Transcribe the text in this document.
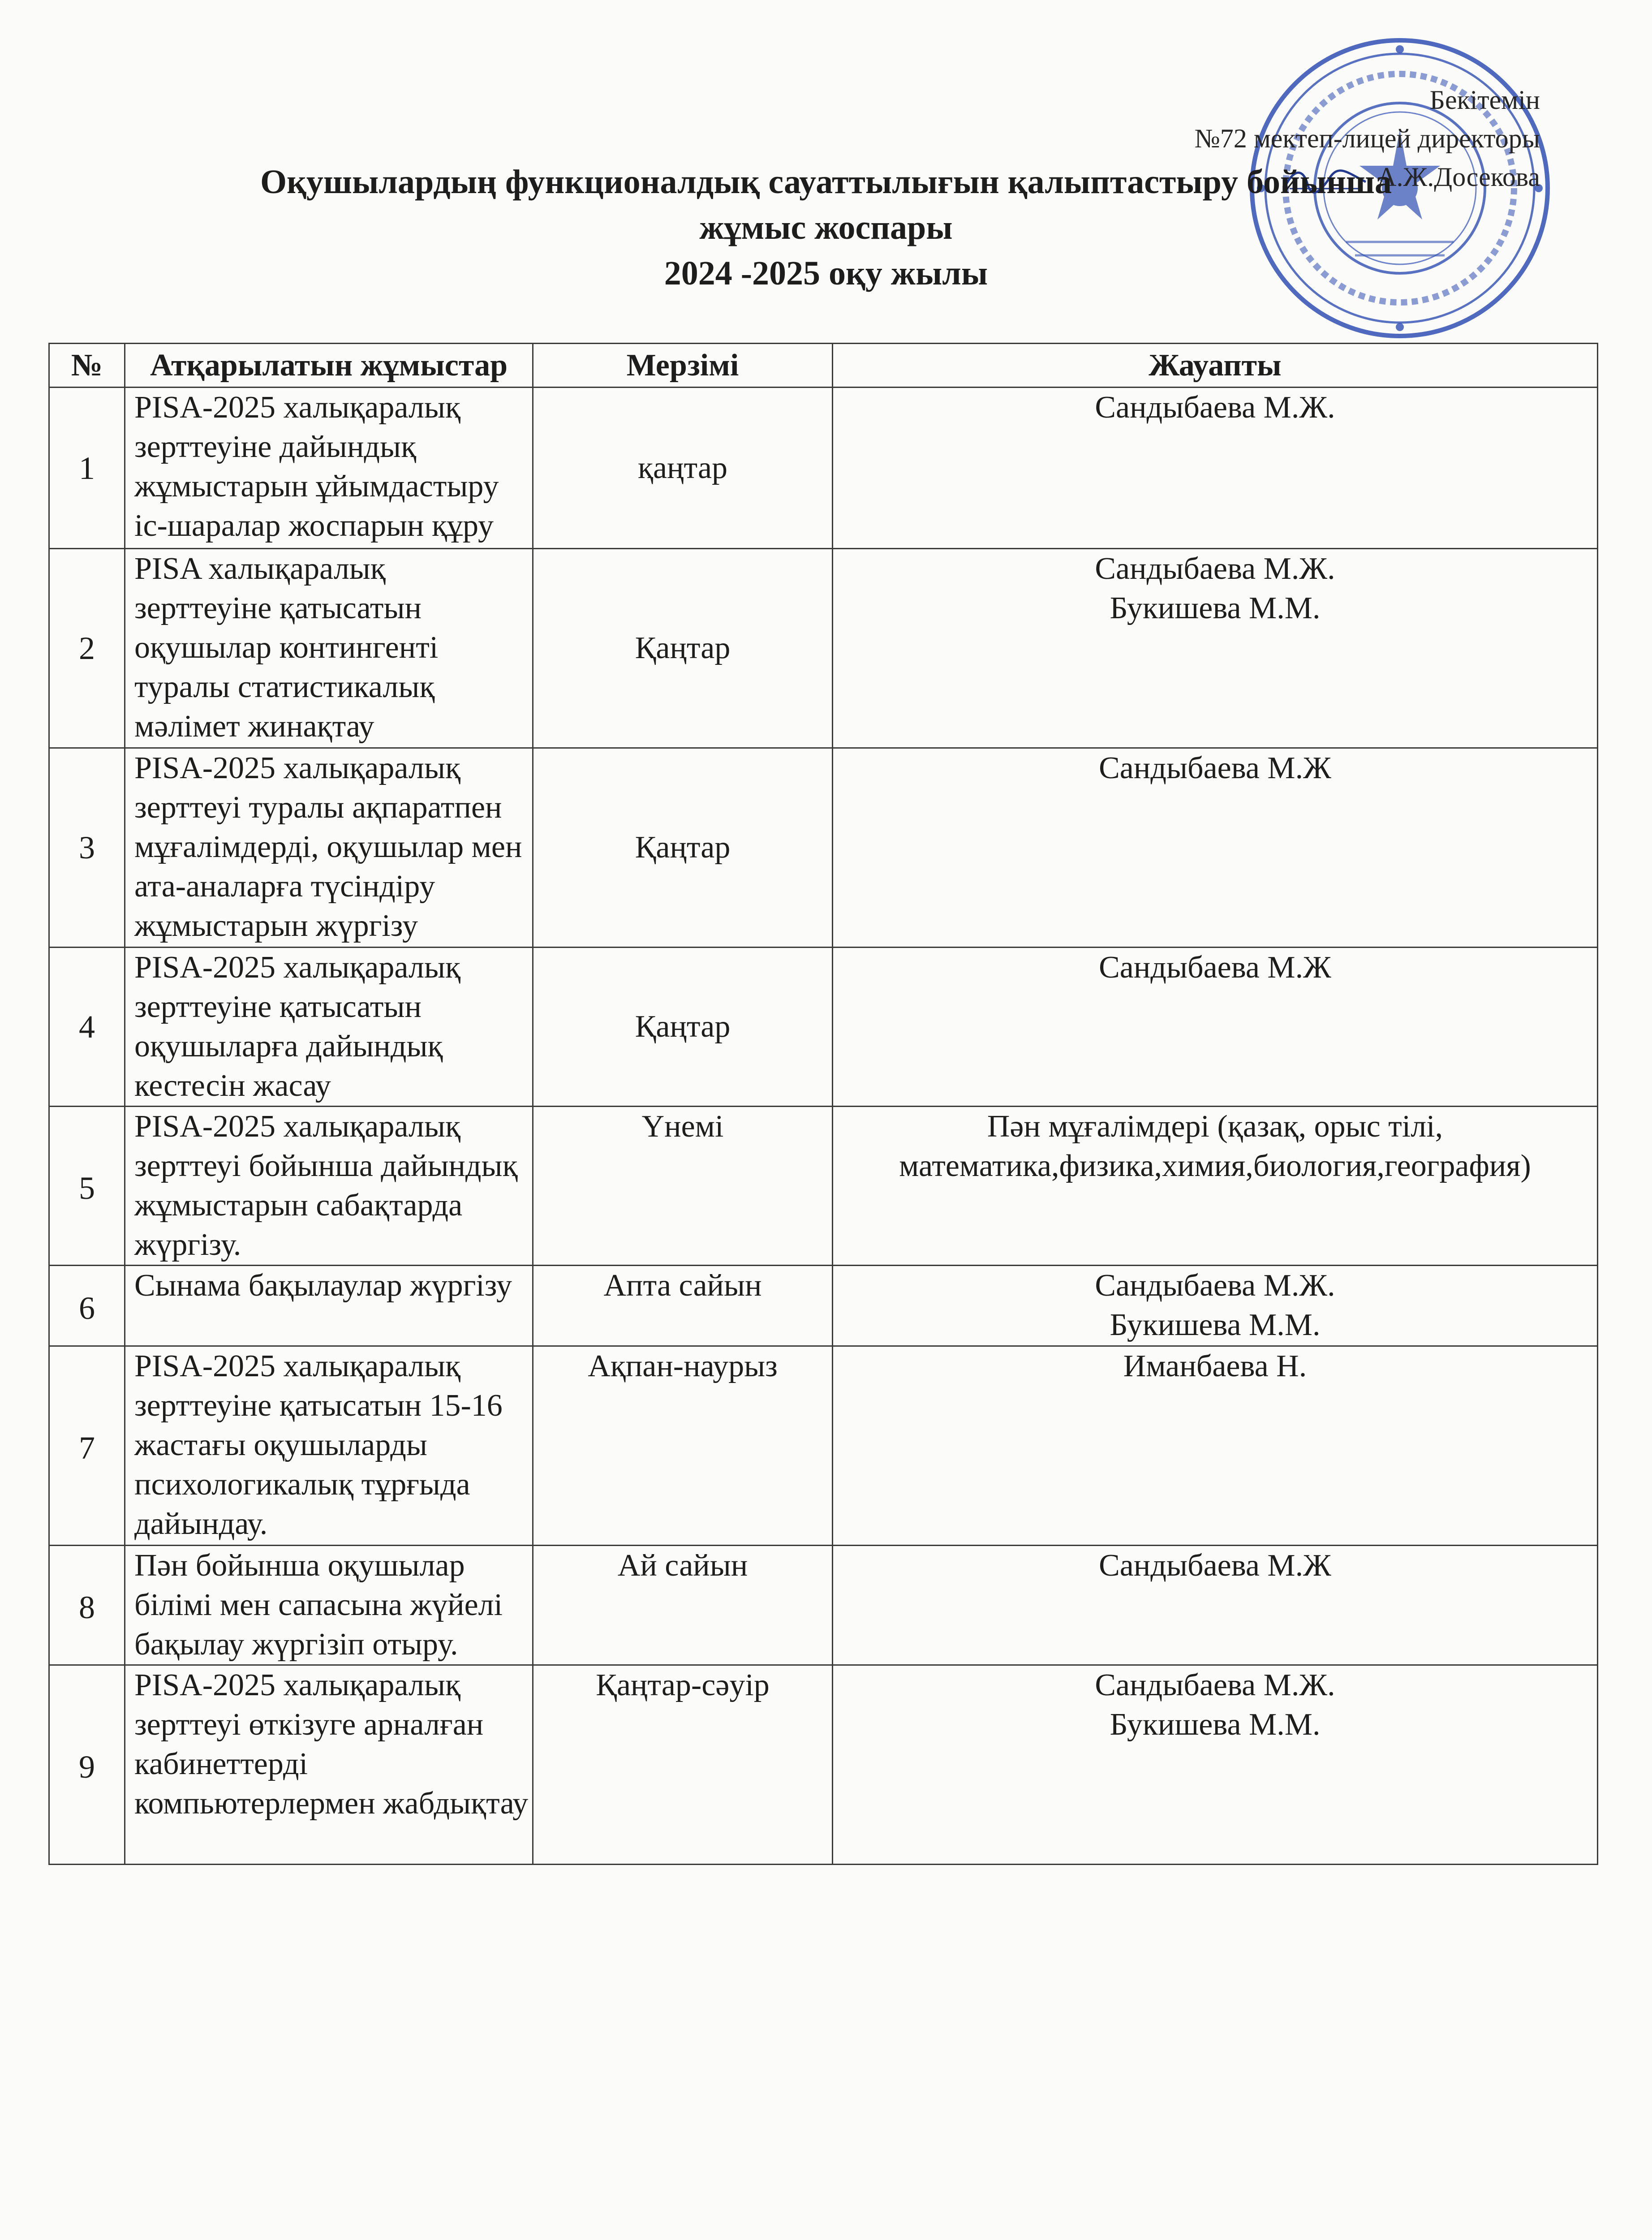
Бекітемін
№72 мектеп-лицей директоры
А.Ж.Досекова
Оқушылардың функционалдық сауаттылығын қалыптастыру бойынша
жұмыс жоспары
2024 -2025 оқу жылы
№	Атқарылатын жұмыстар	Мерзімі	Жауапты
1	PISA-2025 халықаралық зерттеуіне дайындық жұмыстарын ұйымдастыру іс-шаралар жоспарын құру	қаңтар	Сандыбаева М.Ж.

2	PISA халықаралық зерттеуіне қатысатын оқушылар контингенті туралы статистикалық мәлімет жинақтау	Қаңтар	Сандыбаева М.Ж.
Букишева М.М.

3	PISA-2025 халықаралық зерттеуі туралы ақпаратпен мұғалімдерді, оқушылар мен ата-аналарға түсіндіру жұмыстарын жүргізу	Қаңтар	Сандыбаева М.Ж

4	PISA-2025 халықаралық зерттеуіне қатысатын оқушыларға дайындық кестесін жасау	Қаңтар	Сандыбаева М.Ж

5	PISA-2025 халықаралық зерттеуі бойынша дайындық жұмыстарын сабақтарда жүргізу.	Үнемі	Пән мұғалімдері (қазақ, орыс тілі,
математика,физика,химия,биология,география)

6	Сынама бақылаулар жүргізу	Апта сайын	Сандыбаева М.Ж.
Букишева М.М.

7	PISA-2025 халықаралық зерттеуіне қатысатын 15-16 жастағы оқушыларды психологикалық тұрғыда дайындау.	Ақпан-наурыз	Иманбаева Н.

8	Пән бойынша оқушылар білімі мен сапасына жүйелі бақылау жүргізіп отыру.	Ай сайын	Сандыбаева М.Ж

9	PISA-2025 халықаралық зерттеуі өткізуге арналған кабинеттерді компьютерлермен жабдықтау	Қаңтар-сәуір	Сандыбаева М.Ж.
Букишева М.М.
